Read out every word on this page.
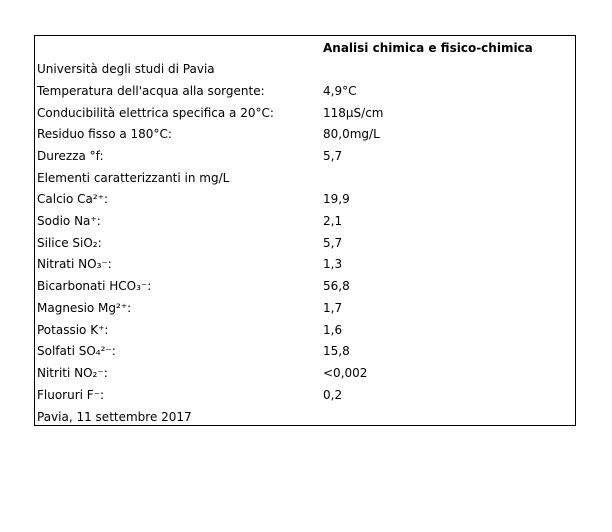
Analisi chimica e fisico-chimica
Università degli studi di Pavia
Temperatura dell'acqua alla sorgente:	4,9°C
Conducibilità elettrica specifica a 20°C:	118µS/cm
Residuo fisso a 180°C:	80,0mg/L
Durezza °f:	5,7
Elementi caratterizzanti in mg/L
Calcio Ca²⁺:	19,9
Sodio Na⁺:	2,1
Silice SiO₂:	5,7
Nitrati NO₃⁻:	1,3
Bicarbonati HCO₃⁻:	56,8
Magnesio Mg²⁺:	1,7
Potassio K⁺:	1,6
Solfati SO₄²⁻:	15,8
Nitriti NO₂⁻:	<0,002
Fluoruri F⁻:	0,2
Pavia, 11 settembre 2017
